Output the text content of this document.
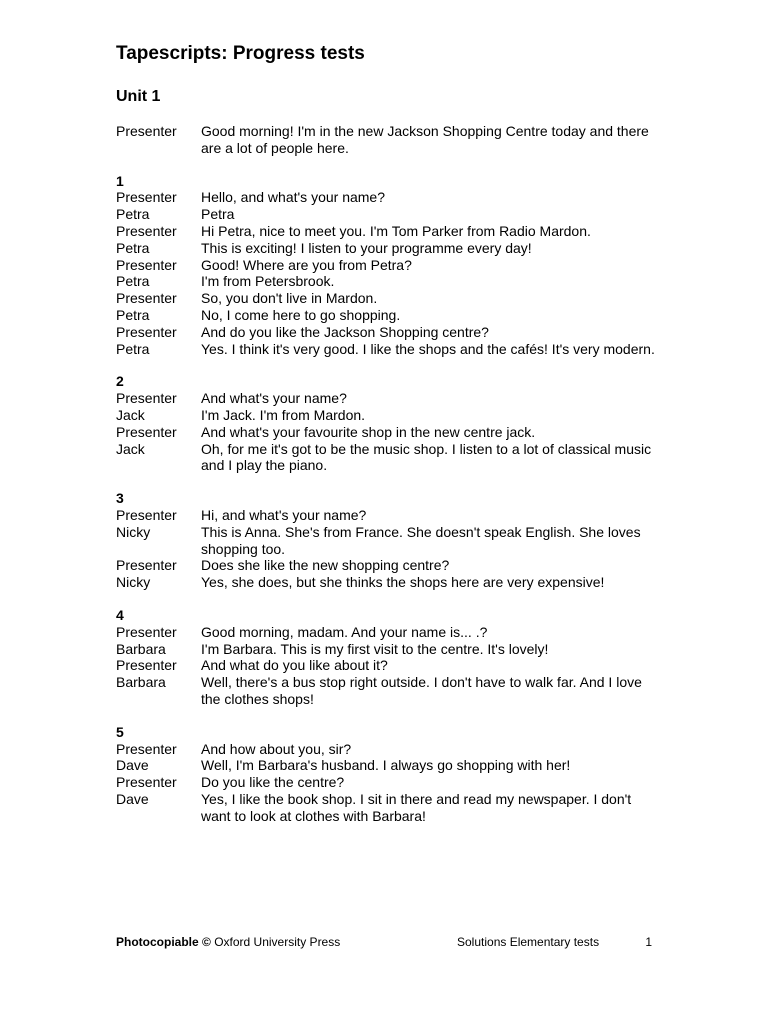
Tapescripts: Progress tests
Unit 1
Presenter	Good morning! I'm in the new Jackson Shopping Centre today and there are a lot of people here.
1
Presenter	Hello, and what's your name?
Petra	Petra
Presenter	Hi Petra, nice to meet you. I'm Tom Parker from Radio Mardon.
Petra	This is exciting! I listen to your programme every day!
Presenter	Good! Where are you from Petra?
Petra	I'm from Petersbrook.
Presenter	So, you don't live in Mardon.
Petra	No, I come here to go shopping.
Presenter	And do you like the Jackson Shopping centre?
Petra	Yes. I think it's very good. I like the shops and the cafés! It's very modern.
2
Presenter	And what's your name?
Jack	I'm Jack. I'm from Mardon.
Presenter	And what's your favourite shop in the new centre jack.
Jack	Oh, for me it's got to be the music shop. I listen to a lot of classical music and I play the piano.
3
Presenter	Hi, and what's your name?
Nicky	This is Anna. She's from France. She doesn't speak English. She loves shopping too.
Presenter	Does she like the new shopping centre?
Nicky	Yes, she does, but she thinks the shops here are very expensive!
4
Presenter	Good morning, madam. And your name is... .?
Barbara	I'm Barbara. This is my first visit to the centre. It's lovely!
Presenter	And what do you like about it?
Barbara	Well, there's a bus stop right outside. I don't have to walk far. And I love the clothes shops!
5
Presenter	And how about you, sir?
Dave	Well, I'm Barbara's husband. I always go shopping with her!
Presenter	Do you like the centre?
Dave	Yes, I like the book shop. I sit in there and read my newspaper. I don't want to look at clothes with Barbara!
Photocopiable © Oxford University Press	Solutions Elementary tests	1
